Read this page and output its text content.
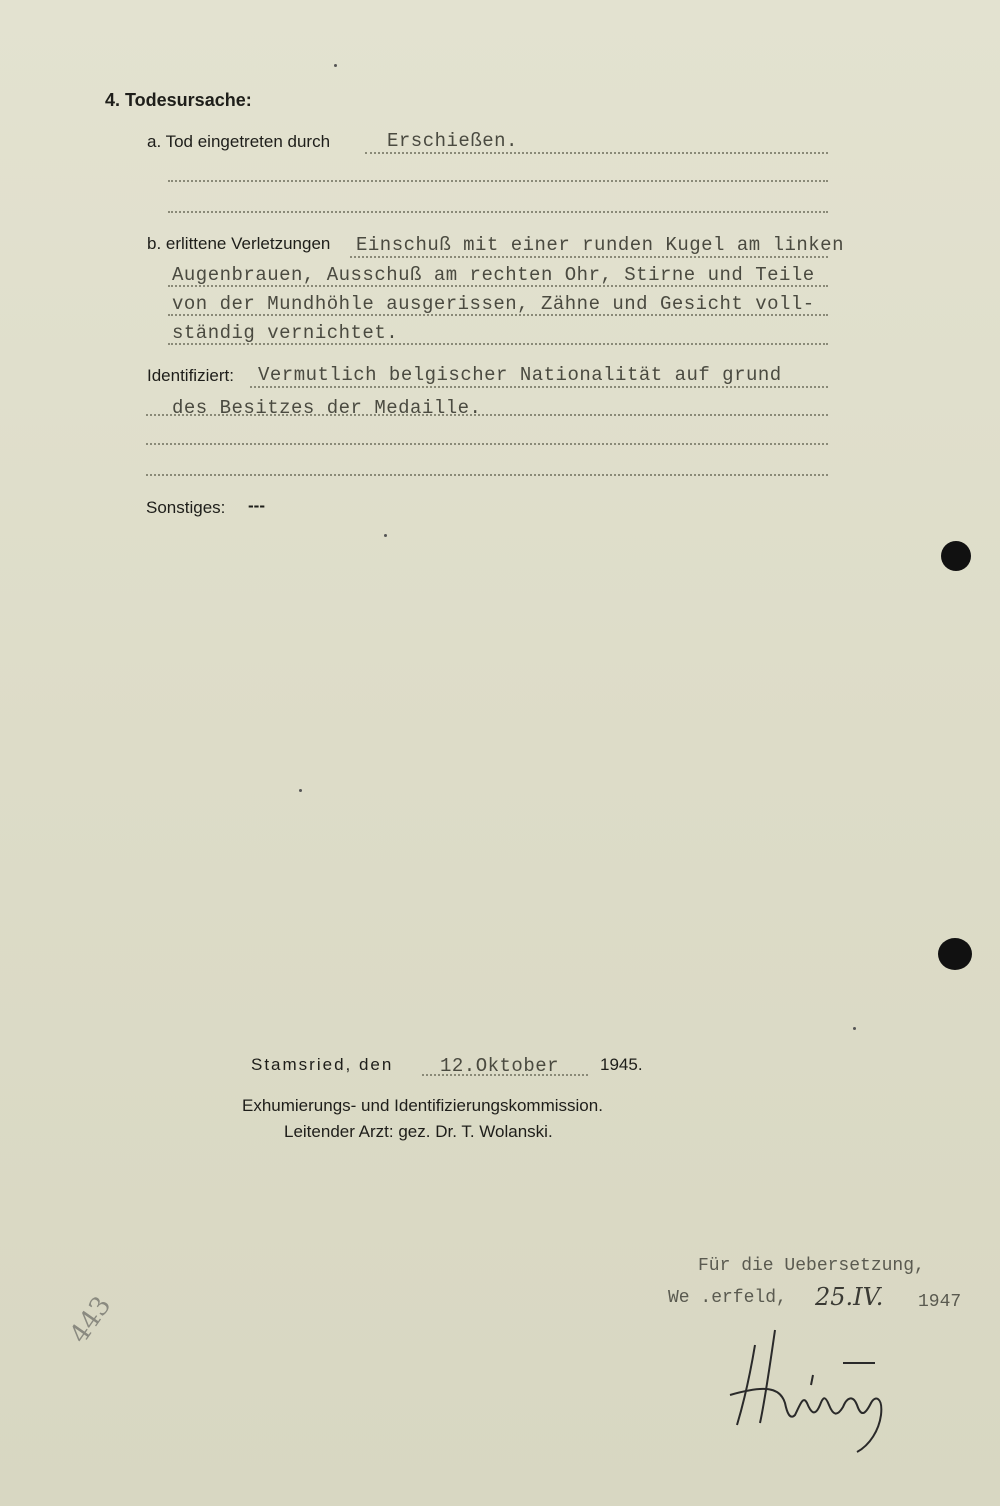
4. Todesursache:
a. Tod eingetreten durch	Erschießen.
b. erlittene Verletzungen Einschuß mit einer runden Kugel am linken
Augenbrauen, Ausschuß am rechten Ohr, Stirne und Teile
von der Mundhöhle ausgerissen, Zähne und Gesicht voll-
ständig vernichtet.
Identifiziert: Vermutlich belgischer Nationalität auf grund
des Besitzes der Medaille.
Sonstiges: ---
Stamsried, den 12.Oktober 1945.
Exhumierungs- und Identifizierungskommission.
Leitender Arzt: gez. Dr. T. Wolanski.
Für die Uebersetzung,
We .erfeld, 25.IV. 1947
443
